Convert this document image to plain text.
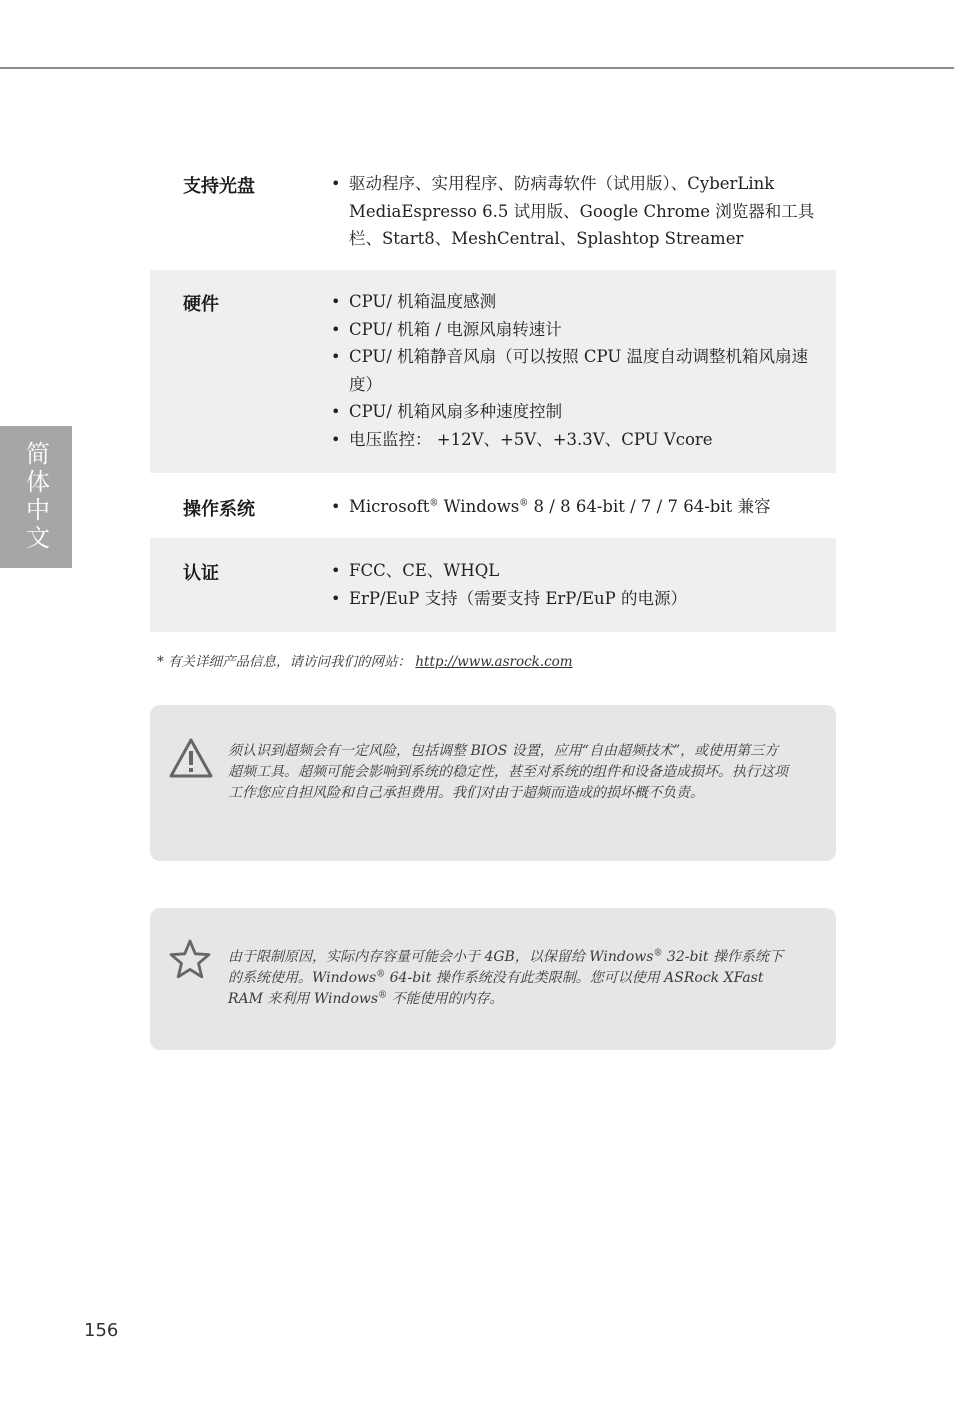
简体中文
支持光盘	• 驱动程序、实用程序、防病毒软件（试用版）、CyberLink MediaEspresso 6.5 试用版、Google Chrome 浏览器和工具栏、Start8、MeshCentral、Splashtop Streamer
硬件	• CPU/ 机箱温度感测
• CPU/ 机箱 / 电源风扇转速计
• CPU/ 机箱静音风扇（可以按照 CPU 温度自动调整机箱风扇速度）
• CPU/ 机箱风扇多种速度控制
• 电压监控： +12V、+5V、+3.3V、CPU Vcore
操作系统	• Microsoft® Windows® 8 / 8 64-bit / 7 / 7 64-bit 兼容
认证	• FCC、CE、WHQL
• ErP/EuP 支持（需要支持 ErP/EuP 的电源）
* 有关详细产品信息，请访问我们的网站： http://www.asrock.com
须认识到超频会有一定风险，包括调整 BIOS 设置，应用“自由超频技术”，或使用第三方超频工具。超频可能会影响到系统的稳定性，甚至对系统的组件和设备造成损坏。执行这项工作您应自担风险和自己承担费用。我们对由于超频而造成的损坏概不负责。
由于限制原因，实际内存容量可能会小于 4GB，以保留给 Windows® 32-bit 操作系统下的系统使用。Windows® 64-bit 操作系统没有此类限制。您可以使用 ASRock XFast RAM 来利用 Windows® 不能使用的内存。
156
